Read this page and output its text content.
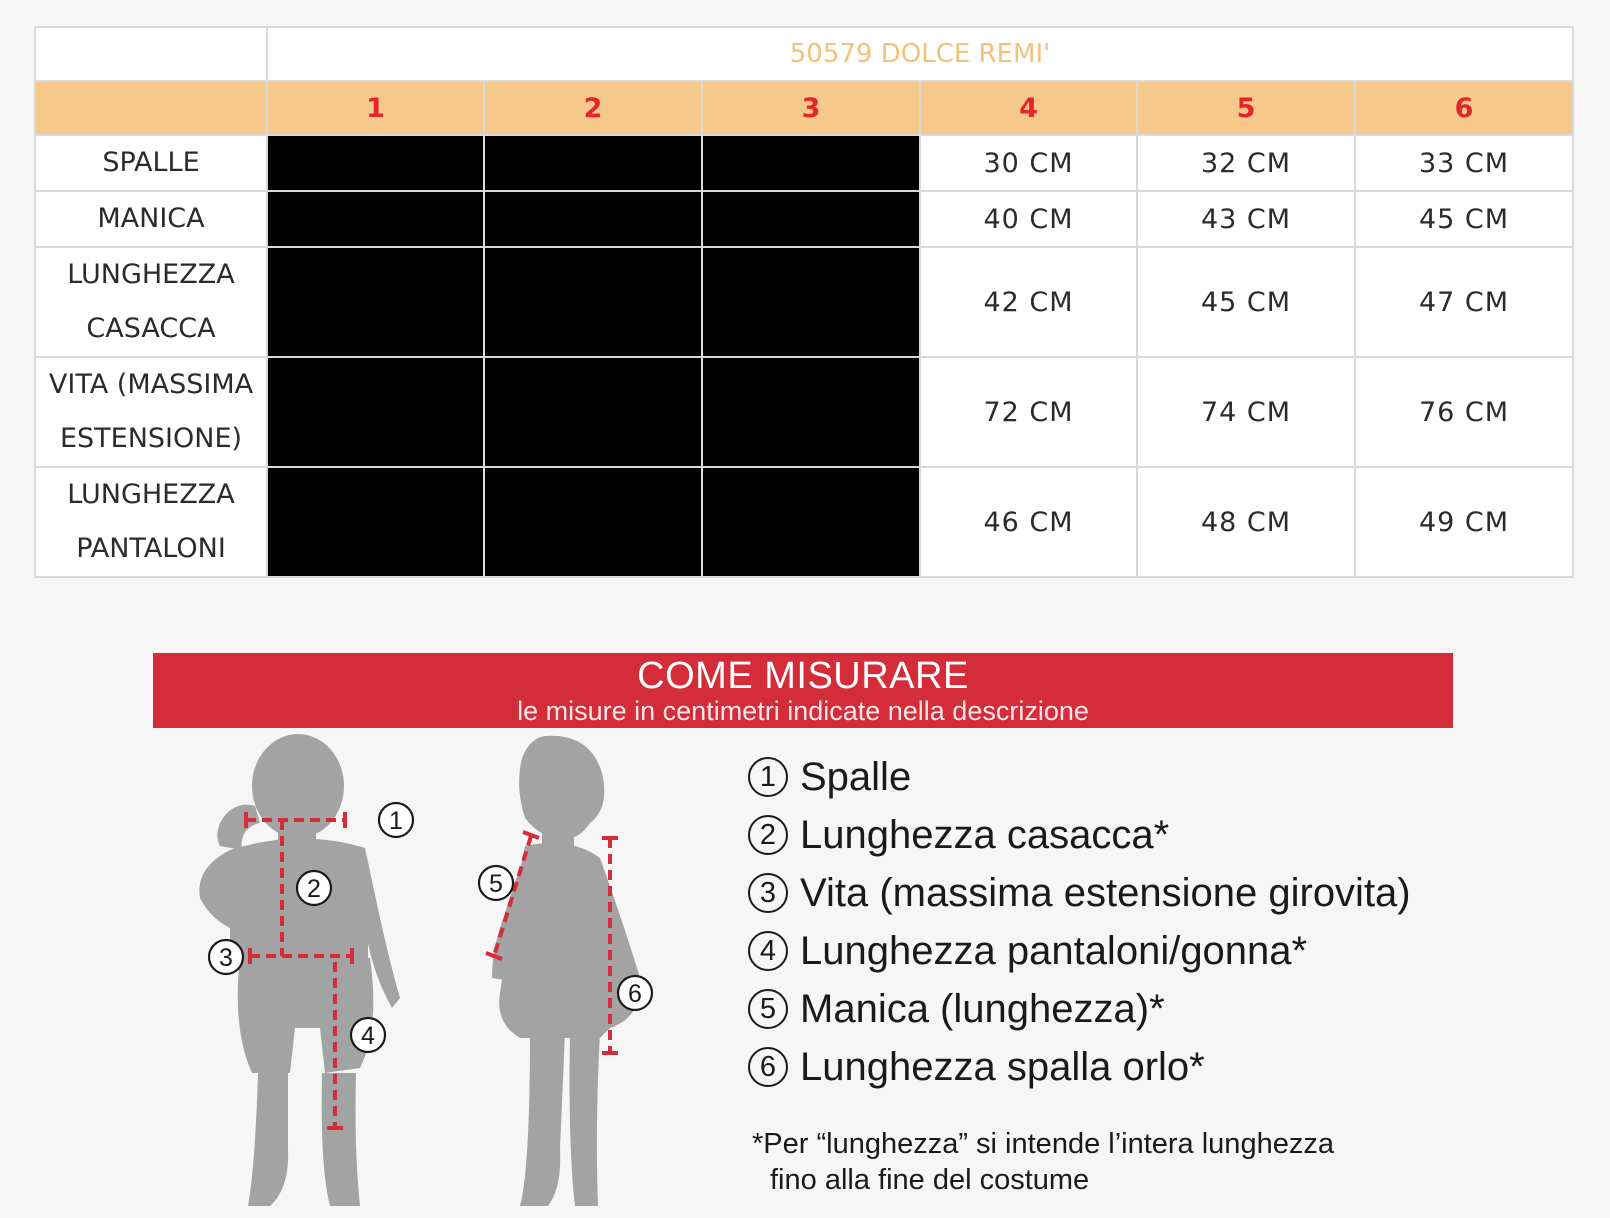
	50579 DOLCE REMI'					
	1	2	3	4	5	6
SPALLE				30 CM	32 CM	33 CM
MANICA				40 CM	43 CM	45 CM
LUNGHEZZA
CASACCA				42 CM	45 CM	47 CM
VITA (MASSIMA
ESTENSIONE)				72 CM	74 CM	76 CM
LUNGHEZZA
PANTALONI				46 CM	48 CM	49 CM
COME MISURARE
le misure in centimetri indicate nella descrizione
1
2
3
4
5
6
1 Spalle
2 Lunghezza casacca*
3 Vita (massima estensione girovita)
4 Lunghezza pantaloni/gonna*
5 Manica (lunghezza)*
6 Lunghezza spalla orlo*
*Per “lunghezza” si intende l’intera lunghezza
fino alla fine del costume
